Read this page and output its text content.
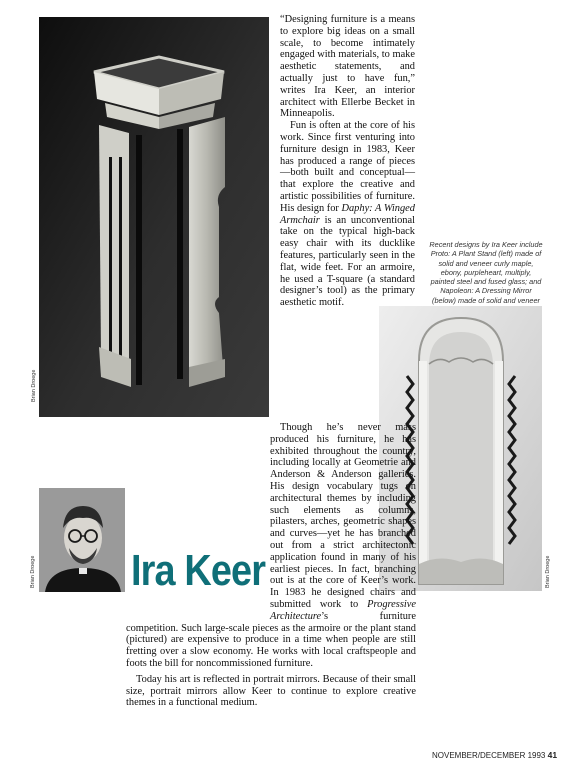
Brian Droege

“Designing furniture is a means to explore big ideas on a small scale, to become intimately engaged with materials, to make aesthetic statements, and actually just to have fun,” writes Ira Keer, an interior architect with Ellerbe Becket in Minneapolis.

Fun is often at the core of his work. Since first venturing into furniture design in 1983, Keer has produced a range of pieces—both built and conceptual—that explore the creative and artistic possibilities of furniture. His design for Daphy: A Winged Armchair is an unconventional take on the typical high-back easy chair with its ducklike features, particularly seen in the flat, wide feet. For an armoire, he used a T-square (a standard designer’s tool) as the primary aesthetic motif.

Recent designs by Ira Keer include Proto: A Plant Stand (left) made of solid and veneer curly maple, ebony, purpleheart, multiply, painted steel and fused glass; and Napoleon: A Dressing Mirror (below) made of solid and veneer
Brian Droege
Brian Droege Ira Keer

Though he’s never mass produced his furniture, he has exhibited throughout the country, including locally at Geometrie and Anderson & Anderson galleries. His design vocabulary tugs on architectural themes by including such elements as columns, pilasters, arches, geometric shapes and curves—yet he has branched out from a strict architectonic application found in many of his earliest pieces. In fact, branching out is at the core of Keer’s work. In 1983 he designed chairs and submitted work to Progressive Architecture’s furniture competition. Such large-scale pieces as the armoire or the plant stand (pictured) are expensive to produce in a time when people are still fretting over a slow economy. He works with local craftspeople and foots the bill for noncommissioned furniture.

Today his art is reflected in portrait mirrors. Because of their small size, portrait mirrors allow Keer to continue to explore creative themes in a functional medium.

NOVEMBER/DECEMBER 1993 41
